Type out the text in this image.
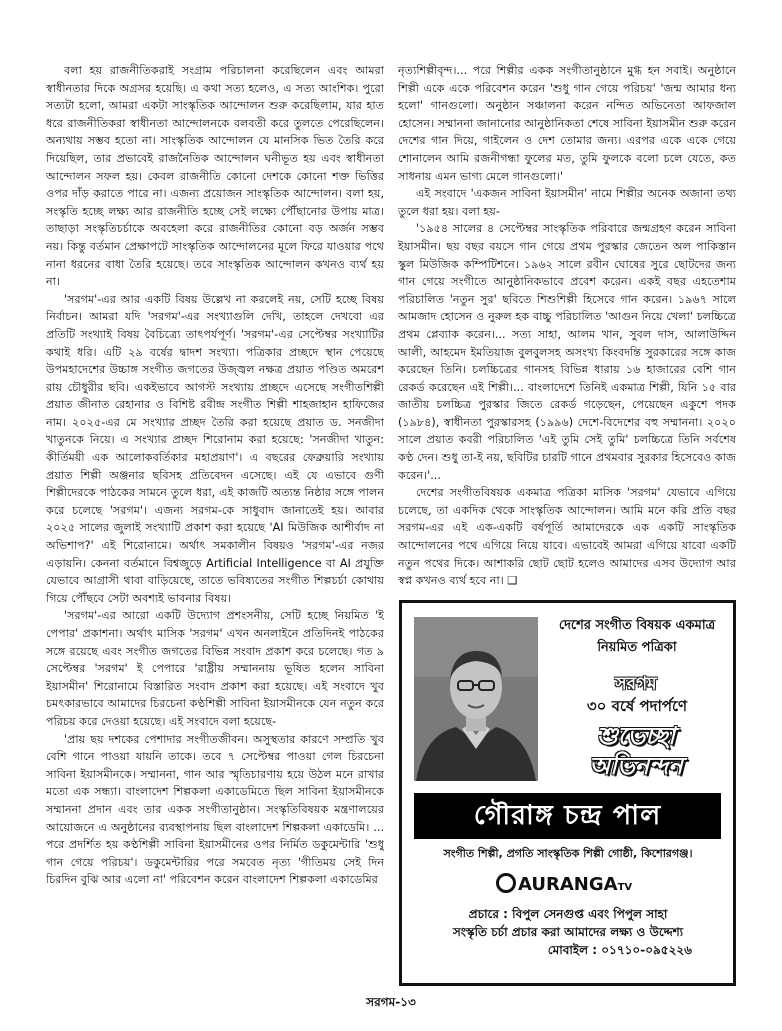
বলা হয় রাজনীতিকরাই সংগ্রাম পরিচালনা করেছিলেন এবং আমরা স্বাধীনতার দিকে অগ্রসর হয়েছি। এ কথা সত্য হলেও, এ সত্য আংশিক। পুরো সত্যটা হলো, আমরা একটা সাংস্কৃতিক আন্দোলন শুরু করেছিলাম, যার হাত ধরে রাজনীতিকরা স্বাধীনতা আন্দোলনকে বলবতী করে তুলতে পেরেছিলেন। অন্যথায় সম্ভব হতো না। সাংস্কৃতিক আন্দোলন যে মানসিক ভিত তৈরি করে দিয়েছিল, তার প্রভাবেই রাজনৈতিক আন্দোলন ঘনীভূত হয় এবং স্বাধীনতা আন্দোলন সফল হয়। কেবল রাজনীতি কোনো দেশকে কোনো শক্ত ভিত্তির ওপর দাঁড় করাতে পারে না। এজন্য প্রয়োজন সাংস্কৃতিক আন্দোলন। বলা হয়, সংস্কৃতি হচ্ছে লক্ষ্য আর রাজনীতি হচ্ছে সেই লক্ষ্যে পৌঁছানোর উপায় মাত্র। তাছাড়া সংস্কৃতিচর্চাকে অবহেলা করে রাজনীতির কোনো বড় অর্জন সম্ভব নয়। কিন্তু বর্তমান প্রেক্ষাপটে সাংস্কৃতিক আন্দোলনের মূলে ফিরে যাওয়ার পথে নানা ধরনের বাধা তৈরি হয়েছে। তবে সাংস্কৃতিক আন্দোলন কখনও ব্যর্থ হয় না।

'সরগম'-এর আর একটি বিষয় উল্লেখ না করলেই নয়, সেটি হচ্ছে বিষয় নির্বাচন। আমরা যদি 'সরগম'-এর সংখ্যাগুলি দেখি, তাহলে দেখবো এর প্রতিটি সংখ্যাই বিষয় বৈচিত্র্যে তাৎপর্যপূর্ণ। 'সরগম'-এর সেপ্টেম্বর সংখ্যাটির কথাই ধরি। এটি ২৯ বর্ষের দ্বাদশ সংখ্যা। পত্রিকার প্রচ্ছদে স্থান পেয়েছে উপমহাদেশের উচ্চাঙ্গ সংগীত জগতের উজ্জ্বল নক্ষত্র প্রয়াত পণ্ডিত অমরেশ রায় চৌধুরীর ছবি। একইভাবে আগস্ট সংখ্যায় প্রচ্ছদে এসেছে সংগীতশিল্পী প্রয়াত জীনাত রেহানার ও বিশিষ্ট রবীন্দ্র সংগীত শিল্পী শাহজাহান হাফিজের নাম। ২০২৫-এর মে সংখ্যার প্রচ্ছদ তৈরি করা হয়েছে প্রয়াত ড. সনজীদা খাতুনকে নিয়ে। এ সংখ্যার প্রচ্ছদ শিরোনাম করা হয়েছে: 'সনজীদা খাতুন: কীর্তিময়ী এক আলোকবর্তিকার মহাপ্রয়াণ'। এ বছরের ফেব্রুয়ারি সংখ্যায় প্রয়াত শিল্পী অঞ্জনার ছবিসহ প্রতিবেদন এসেছে। এই যে এভাবে গুণী শিল্পীদেরকে পাঠকের সামনে তুলে ধরা, এই কাজটি অত্যন্ত নিষ্ঠার সঙ্গে পালন করে চলেছে 'সরগম'। এজন্য সরগম-কে সাধুবাদ জানাতেই হয়। আবার ২০২৫ সালের জুলাই সংখ্যাটি প্রকাশ করা হয়েছে 'AI মিউজিক আশীর্বাদ না অভিশাপ?' এই শিরোনামে। অর্থাৎ সমকালীন বিষয়ও 'সরগম'-এর নজর এড়ায়নি। কেননা বর্তমানে বিশ্বজুড়ে Artificial Intelligence বা AI প্রযুক্তি যেভাবে আগ্রাসী থাবা বাড়িয়েছে, তাতে ভবিষ্যতের সংগীত শিল্পচর্চা কোথায় গিয়ে পৌঁছবে সেটা অবশ্যই ভাবনার বিষয়।

'সরগম'-এর আরো একটি উদ্যোগ প্রশংসনীয়, সেটি হচ্ছে নিয়মিত 'ই পেপার' প্রকাশনা। অর্থাৎ মাসিক 'সরগম' এখন অনলাইনে প্রতিদিনই পাঠকের সঙ্গে রয়েছে এবং সংগীত জগতের বিভিন্ন সংবাদ প্রকাশ করে চলেছে। গত ৯ সেপ্টেম্বর 'সরগম' ই পেপারে 'রাষ্ট্রীয় সম্মাননায় ভূষিত হলেন সাবিনা ইয়াসমীন' শিরোনামে বিস্তারিত সংবাদ প্রকাশ করা হয়েছে। এই সংবাদে খুব চমৎকারভাবে আমাদের চিরচেনা কণ্ঠশিল্পী সাবিনা ইয়াসমীনকে যেন নতুন করে পরিচয় করে দেওয়া হয়েছে। এই সংবাদে বলা হয়েছে-

'প্রায় ছয় দশকের পেশাদার সংগীতজীবন। অসুস্থতার কারণে সম্প্রতি খুব বেশি গানে পাওয়া যায়নি তাকে। তবে ৭ সেপ্টেম্বর পাওয়া গেল চিরচেনা সাবিনা ইয়াসমীনকে। সম্মাননা, গান আর স্মৃতিচারণায় হয়ে উঠল মনে রাখার মতো এক সন্ধ্যা। বাংলাদেশ শিল্পকলা একাডেমিতে ছিল সাবিনা ইয়াসমীনকে সম্মাননা প্রদান এবং তার একক সংগীতানুষ্ঠান। সংস্কৃতিবিষয়ক মন্ত্রণালয়ের আয়োজনে এ অনুষ্ঠানের ব্যবস্থাপনায় ছিল বাংলাদেশ শিল্পকলা একাডেমি। ... পরে প্রদর্শিত হয় কণ্ঠশিল্পী সাবিনা ইয়াসমীনের ওপর নির্মিত ডকুমেন্টারি 'শুধু গান গেয়ে পরিচয়'। ডকুমেন্টারির পরে সমবেত নৃত্য 'গীতিময় সেই দিন চিরদিন বুঝি আর এলো না' পরিবেশন করেন বাংলাদেশ শিল্পকলা একাডেমির

নৃত্যশিল্পীবৃন্দ।... পরে শিল্পীর একক সংগীতানুষ্ঠানে মুগ্ধ হন সবাই। অনুষ্ঠানে শিল্পী একে একে পরিবেশন করেন 'শুধু গান গেয়ে পরিচয়' 'জন্ম আমার ধন্য হলো' গানগুলো। অনুষ্ঠান সঞ্চালনা করেন নন্দিত অভিনেতা আফজাল হোসেন। সম্মাননা জানানোর আনুষ্ঠানিকতা শেষে সাবিনা ইয়াসমীন শুরু করেন দেশের গান দিয়ে, গাইলেন ও দেশ তোমার জন্য। এরপর একে একে গেয়ে শোনালেন আমি রজনীগন্ধা ফুলের মত, তুমি ফুলকে বলো চলে যেতে, কত সাধনায় এমন ভাগ্য মেলে গানগুলো।'

এই সংবাদে 'একজন সাবিনা ইয়াসমীন' নামে শিল্পীর অনেক অজানা তথ্য তুলে ধরা হয়। বলা হয়-

'১৯৫৪ সালের ৪ সেপ্টেম্বর সাংস্কৃতিক পরিবারে জন্মগ্রহণ করেন সাবিনা ইয়াসমীন। ছয় বছর বয়সে গান গেয়ে প্রথম পুরস্কার জেতেন অল পাকিস্তান স্কুল মিউজিক কম্পিটিশনে। ১৯৬২ সালে রবীন ঘোষের সুরে ছোটদের জন্য গান গেয়ে সংগীতে আনুষ্ঠানিকভাবে প্রবেশ করেন। একই বছর এহতেশাম পরিচালিত 'নতুন সুর' ছবিতে শিশুশিল্পী হিসেবে গান করেন। ১৯৬৭ সালে আমজাদ হোসেন ও নুরুল হক বাচ্চু পরিচালিত 'আগুন নিয়ে খেলা' চলচ্চিত্রে প্রথম প্লেব্যাক করেন।... সত্য সাহা, আলম খান, সুবল দাস, আলাউদ্দিন আলী, আহমেদ ইমতিয়াজ বুলবুলসহ অসংখ্য কিংবদন্তি সুরকারের সঙ্গে কাজ করেছেন তিনি। চলচ্চিত্রের গানসহ বিভিন্ন ধারায় ১৬ হাজারের বেশি গান রেকর্ড করেছেন এই শিল্পী।... বাংলাদেশে তিনিই একমাত্র শিল্পী, যিনি ১৫ বার জাতীয় চলচ্চিত্র পুরস্কার জিতে রেকর্ড গড়েছেন, পেয়েছেন একুশে পদক (১৯৮৪), স্বাধীনতা পুরস্কারসহ (১৯৯৬) দেশে-বিদেশের বহু সম্মাননা। ২০২০ সালে প্রয়াত কবরী পরিচালিত 'এই তুমি সেই তুমি' চলচ্চিত্রে তিনি সর্বশেষ কণ্ঠ দেন। শুধু তা-ই নয়, ছবিটির চারটি গানে প্রথমবার সুরকার হিসেবেও কাজ করেন।'...

দেশের সংগীতবিষয়ক একমাত্র পত্রিকা মাসিক 'সরগম' যেভাবে এগিয়ে চলেছে, তা একদিক থেকে সাংস্কৃতিক আন্দোলন। আমি মনে করি প্রতি বছর সরগম-এর এই এক-একটি বর্ষপূর্তি আমাদেরকে এক একটি সাংস্কৃতিক আন্দোলনের পথে এগিয়ে নিয়ে যাবে। এভাবেই আমরা এগিয়ে যাবো একটি নতুন পথের দিকে। আশাকরি ছোট ছোট হলেও আমাদের এসব উদ্যোগ আর স্বপ্ন কখনও ব্যর্থ হবে না। ❑

দেশের সংগীত বিষয়ক একমাত্র
নিয়মিত পত্রিকা
সরগম
৩০ বর্ষে পদার্পণে
শুভেচ্ছা
অভিনন্দন
গৌরাঙ্গ চন্দ্র পাল
সংগীত শিল্পী, প্রগতি সাংস্কৃতিক শিল্পী গোষ্ঠী, কিশোরগঞ্জ।
AURANGATV
প্রচারে : বিপুল সেনগুপ্ত এবং পিপুল সাহা
সংস্কৃতি চর্চা প্রচার করা আমাদের লক্ষ্য ও উদ্দেশ্য
মোবাইল : ০১৭১০-০৯৫২২৬
সরগম-১৩
